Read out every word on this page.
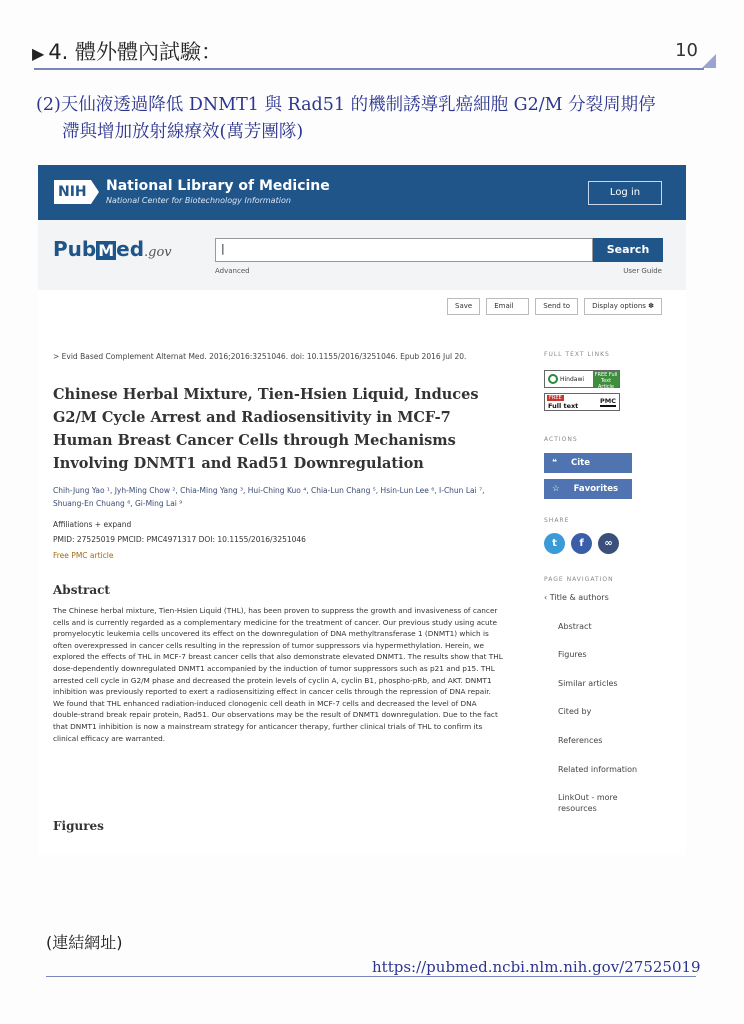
▶ 4. 體外體內試驗：	10
(2)天仙液透過降低 DNMT1 與 Rad51 的機制誘導乳癌細胞 G2/M 分裂周期停
滯與增加放射線療效(萬芳團隊)
NIH National Library of Medicine
National Center for Biotechnology Information
Log in
Pub M ed.gov	|	Search
Advanced	User Guide
Save	Email	Send to	Display options ✽
> Evid Based Complement Alternat Med. 2016;2016:3251046. doi: 10.1155/2016/3251046. Epub 2016 Jul 20.
Chinese Herbal Mixture, Tien-Hsien Liquid, Induces G2/M Cycle Arrest and Radiosensitivity in MCF-7 Human Breast Cancer Cells through Mechanisms Involving DNMT1 and Rad51 Downregulation
Chih-Jung Yao ¹, Jyh-Ming Chow ², Chia-Ming Yang ³, Hui-Ching Kuo ⁴, Chia-Lun Chang ⁵, Hsin-Lun Lee ⁶, I-Chun Lai ⁷, Shuang-En Chuang ⁸, Gi-Ming Lai ⁹
Affiliations + expand
PMID: 27525019 PMCID: PMC4971317 DOI: 10.1155/2016/3251046
Free PMC article
Abstract
The Chinese herbal mixture, Tien-Hsien Liquid (THL), has been proven to suppress the growth and invasiveness of cancer cells and is currently regarded as a complementary medicine for the treatment of cancer. Our previous study using acute promyelocytic leukemia cells uncovered its effect on the downregulation of DNA methyltransferase 1 (DNMT1) which is often overexpressed in cancer cells resulting in the repression of tumor suppressors via hypermethylation. Herein, we explored the effects of THL in MCF-7 breast cancer cells that also demonstrate elevated DNMT1. The results show that THL dose-dependently downregulated DNMT1 accompanied by the induction of tumor suppressors such as p21 and p15. THL arrested cell cycle in G2/M phase and decreased the protein levels of cyclin A, cyclin B1, phospho-pRb, and AKT. DNMT1 inhibition was previously reported to exert a radiosensitizing effect in cancer cells through the repression of DNA repair. We found that THL enhanced radiation-induced clonogenic cell death in MCF-7 cells and decreased the level of DNA double-strand break repair protein, Rad51. Our observations may be the result of DNMT1 downregulation. Due to the fact that DNMT1 inhibition is now a mainstream strategy for anticancer therapy, further clinical trials of THL to confirm its clinical efficacy are warranted.
Figures
FULL TEXT LINKS
Hindawi
FREE Full Text Article
FREE
Full text
PMC
ACTIONS
❝ Cite
☆ Favorites
SHARE
t	f	∞
PAGE NAVIGATION
‹ Title & authors
Abstract
Figures
Similar articles
Cited by
References
Related information
LinkOut - more resources
(連結網址)
https://pubmed.ncbi.nlm.nih.gov/27525019
